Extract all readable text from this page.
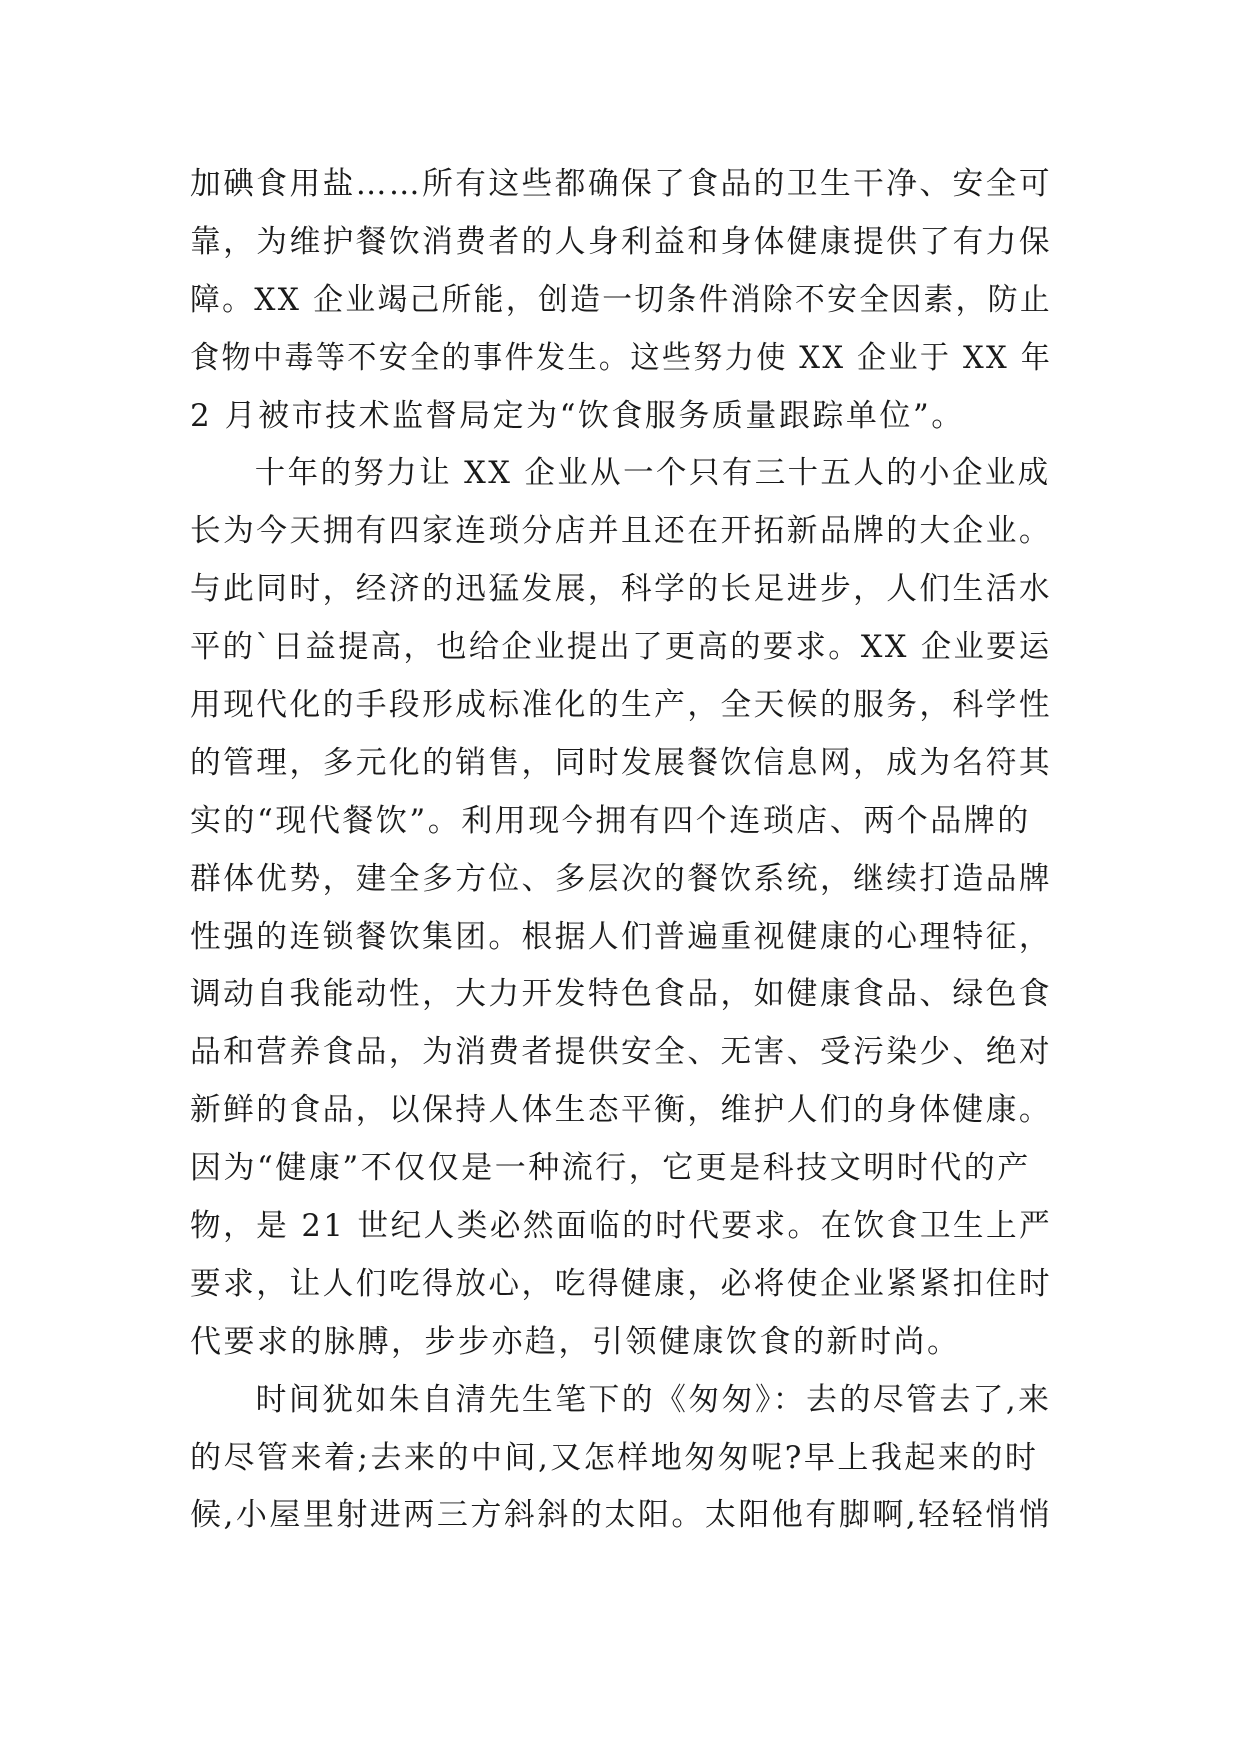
加碘食用盐……所有这些都确保了食品的卫生干净、安全可
靠，为维护餐饮消费者的人身利益和身体健康提供了有力保
障。XX 企业竭己所能，创造一切条件消除不安全因素，防止
食物中毒等不安全的事件发生。这些努力使 XX 企业于 XX 年
2 月被市技术监督局定为“饮食服务质量跟踪单位”。
十年的努力让 XX 企业从一个只有三十五人的小企业成
长为今天拥有四家连琐分店并且还在开拓新品牌的大企业。
与此同时，经济的迅猛发展，科学的长足进步，人们生活水
平的`日益提高，也给企业提出了更高的要求。XX 企业要运
用现代化的手段形成标准化的生产，全天候的服务，科学性
的管理，多元化的销售，同时发展餐饮信息网，成为名符其
实的“现代餐饮”。利用现今拥有四个连琐店、两个品牌的
群体优势，建全多方位、多层次的餐饮系统，继续打造品牌
性强的连锁餐饮集团。根据人们普遍重视健康的心理特征，
调动自我能动性，大力开发特色食品，如健康食品、绿色食
品和营养食品，为消费者提供安全、无害、受污染少、绝对
新鲜的食品，以保持人体生态平衡，维护人们的身体健康。
因为“健康”不仅仅是一种流行，它更是科技文明时代的产
物，是 21 世纪人类必然面临的时代要求。在饮食卫生上严
要求，让人们吃得放心，吃得健康，必将使企业紧紧扣住时
代要求的脉膊，步步亦趋，引领健康饮食的新时尚。
时间犹如朱自清先生笔下的《匆匆》：去的尽管去了,来
的尽管来着;去来的中间,又怎样地匆匆呢?早上我起来的时
候,小屋里射进两三方斜斜的太阳。太阳他有脚啊,轻轻悄悄
